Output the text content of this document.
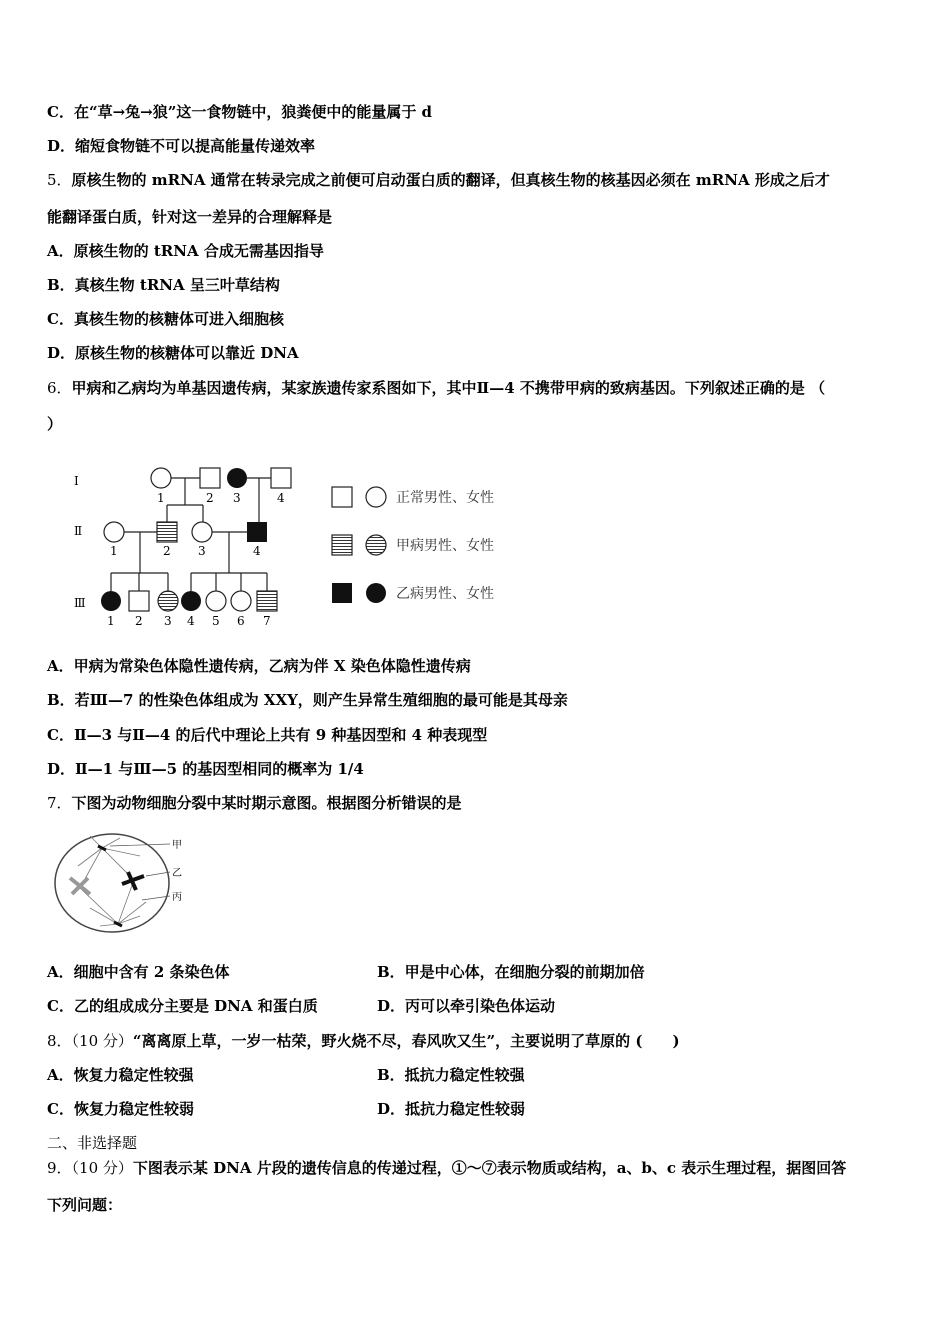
C．在“草→兔→狼”这一食物链中，狼粪便中的能量属于 d
D．缩短食物链不可以提高能量传递效率
5．原核生物的 mRNA 通常在转录完成之前便可启动蛋白质的翻译，但真核生物的核基因必须在 mRNA 形成之后才
能翻译蛋白质，针对这一差异的合理解释是
A．原核生物的 tRNA 合成无需基因指导
B．真核生物 tRNA 呈三叶草结构
C．真核生物的核糖体可进入细胞核
D．原核生物的核糖体可以靠近 DNA
6．甲病和乙病均为单基因遗传病，某家族遗传家系图如下，其中Ⅱ—4 不携带甲病的致病基因。下列叙述正确的是 （
）
Ⅰ
Ⅱ
Ⅲ
1	2 3	4
1	2 3	4
1 2 3 4 5 6 7
正常男性、女性
甲病男性、女性
乙病男性、女性
A．甲病为常染色体隐性遗传病，乙病为伴 X 染色体隐性遗传病
B．若Ⅲ—7 的性染色体组成为 XXY，则产生异常生殖细胞的最可能是其母亲
C．Ⅱ—3 与Ⅱ—4 的后代中理论上共有 9 种基因型和 4 种表现型
D．Ⅱ—1 与Ⅲ—5 的基因型相同的概率为 1/4
7．下图为动物细胞分裂中某时期示意图。根据图分析错误的是
甲
乙
丙
A．细胞中含有 2 条染色体	B．甲是中心体，在细胞分裂的前期加倍
C．乙的组成成分主要是 DNA 和蛋白质	D．丙可以牵引染色体运动
8．（10 分）“离离原上草，一岁一枯荣，野火烧不尽，春风吹又生”，主要说明了草原的 (　　)
A．恢复力稳定性较强	B．抵抗力稳定性较强
C．恢复力稳定性较弱	D．抵抗力稳定性较弱
二、非选择题
9．（10 分）下图表示某 DNA 片段的遗传信息的传递过程，①～⑦表示物质或结构，a、b、c 表示生理过程，据图回答
下列问题：
